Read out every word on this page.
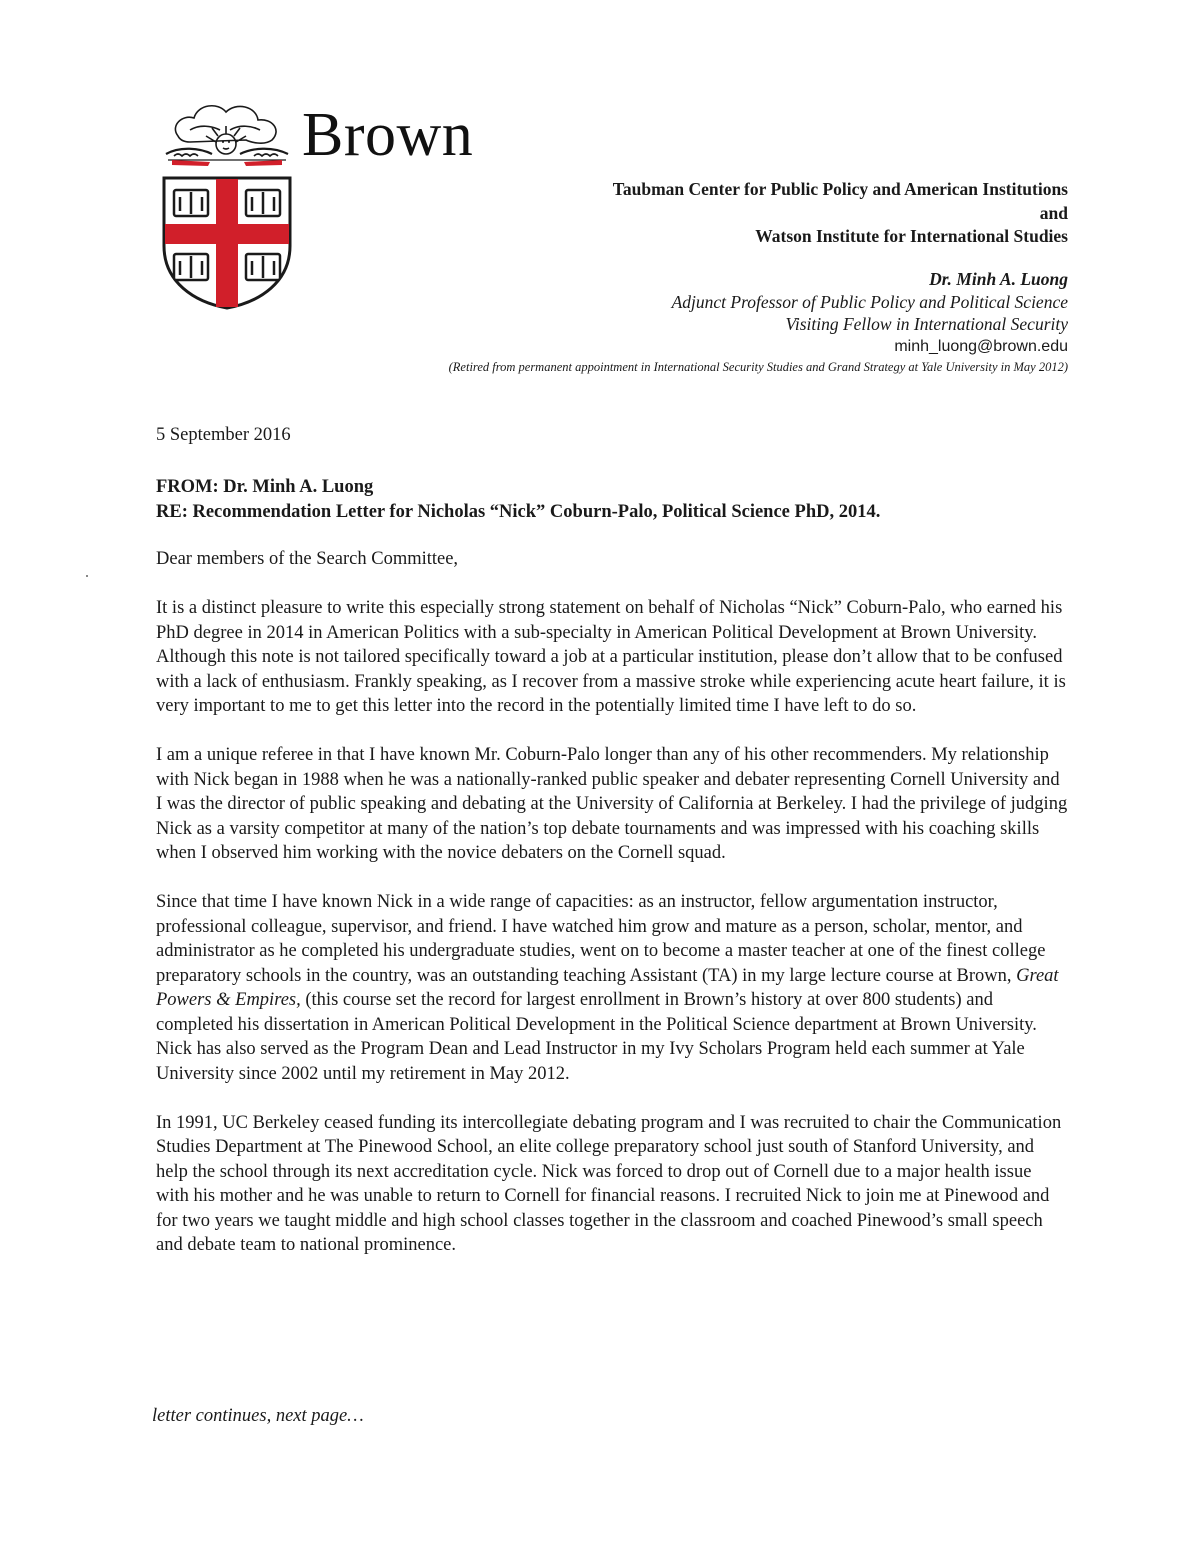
Brown
Taubman Center for Public Policy and American Institutions
and
Watson Institute for International Studies
Dr. Minh A. Luong
Adjunct Professor of Public Policy and Political Science
Visiting Fellow in International Security
minh_luong@brown.edu
(Retired from permanent appointment in International Security Studies and Grand Strategy at Yale University in May 2012)
5 September 2016
FROM: Dr. Minh A. Luong
RE: Recommendation Letter for Nicholas “Nick” Coburn-Palo, Political Science PhD, 2014.

Dear members of the Search Committee,

It is a distinct pleasure to write this especially strong statement on behalf of Nicholas “Nick” Coburn-Palo, who earned his PhD degree in 2014 in American Politics with a sub-specialty in American Political Development at Brown University. Although this note is not tailored specifically toward a job at a particular institution, please don’t allow that to be confused with a lack of enthusiasm. Frankly speaking, as I recover from a massive stroke while experiencing acute heart failure, it is very important to me to get this letter into the record in the potentially limited time I have left to do so.

I am a unique referee in that I have known Mr. Coburn-Palo longer than any of his other recommenders. My relationship with Nick began in 1988 when he was a nationally-ranked public speaker and debater representing Cornell University and I was the director of public speaking and debating at the University of California at Berkeley. I had the privilege of judging Nick as a varsity competitor at many of the nation’s top debate tournaments and was impressed with his coaching skills when I observed him working with the novice debaters on the Cornell squad.

Since that time I have known Nick in a wide range of capacities: as an instructor, fellow argumentation instructor, professional colleague, supervisor, and friend. I have watched him grow and mature as a person, scholar, mentor, and administrator as he completed his undergraduate studies, went on to become a master teacher at one of the finest college preparatory schools in the country, was an outstanding teaching Assistant (TA) in my large lecture course at Brown, Great Powers & Empires, (this course set the record for largest enrollment in Brown’s history at over 800 students) and completed his dissertation in American Political Development in the Political Science department at Brown University. Nick has also served as the Program Dean and Lead Instructor in my Ivy Scholars Program held each summer at Yale University since 2002 until my retirement in May 2012.

In 1991, UC Berkeley ceased funding its intercollegiate debating program and I was recruited to chair the Communication Studies Department at The Pinewood School, an elite college preparatory school just south of Stanford University, and help the school through its next accreditation cycle. Nick was forced to drop out of Cornell due to a major health issue with his mother and he was unable to return to Cornell for financial reasons. I recruited Nick to join me at Pinewood and for two years we taught middle and high school classes together in the classroom and coached Pinewood’s small speech and debate team to national prominence.

letter continues, next page…
